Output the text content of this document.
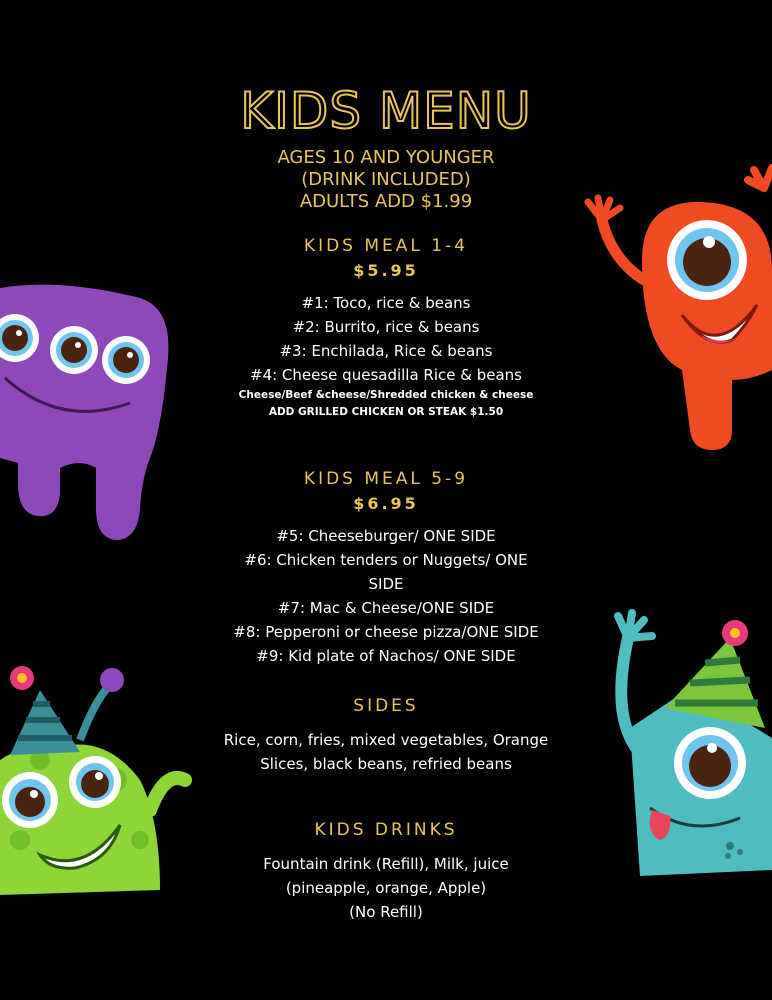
KIDS MENU
AGES 10 AND YOUNGER
(DRINK INCLUDED)
ADULTS ADD $1.99
KIDS MEAL 1-4
$5.95
#1: Toco, rice & beans
#2: Burrito, rice & beans
#3: Enchilada, Rice & beans
#4: Cheese quesadilla Rice & beans
Cheese/Beef &cheese/Shredded chicken & cheese
ADD GRILLED CHICKEN OR STEAK $1.50
KIDS MEAL 5-9
$6.95
#5: Cheeseburger/ ONE SIDE
#6: Chicken tenders or Nuggets/ ONE
SIDE
#7: Mac & Cheese/ONE SIDE
#8: Pepperoni or cheese pizza/ONE SIDE
#9: Kid plate of Nachos/ ONE SIDE
SIDES
Rice, corn, fries, mixed vegetables, Orange
Slices, black beans, refried beans
KIDS DRINKS
Fountain drink (Refill), Milk, juice
(pineapple, orange, Apple)
(No Refill)
